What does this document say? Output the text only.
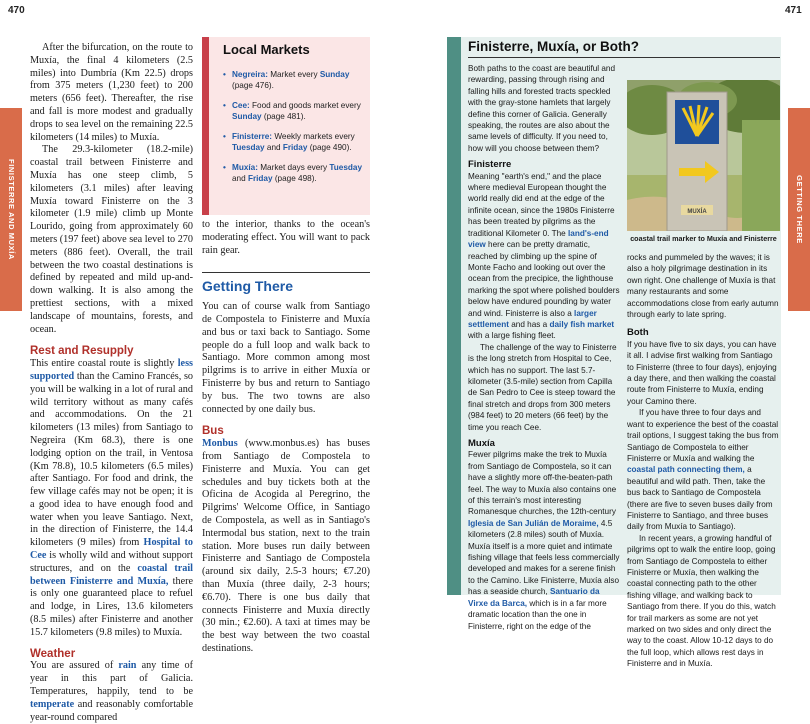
470
FINISTERRE AND MUXÍA

After the bifurcation, on the route to Muxía, the final 4 kilometers (2.5 miles) into Dumbría (Km 22.5) drops from 375 meters (1,230 feet) to 200 meters (656 feet). Thereafter, the rise and fall is more modest and gradually drops to sea level on the remaining 22.5 kilometers (14 miles) to Muxía.

The 29.3-kilometer (18.2-mile) coastal trail between Finisterre and Muxía has one steep climb, 5 kilometers (3.1 miles) after leaving Muxía toward Finisterre on the 3 kilometer (1.9 mile) climb up Monte Lourido, going from approximately 60 meters (197 feet) above sea level to 270 meters (886 feet). Overall, the trail between the two coastal destinations is defined by repeated and mild up-and-down walking. It is also among the prettiest sections, with a mixed landscape of mountains, forests, and ocean.

Rest and Resupply

This entire coastal route is slightly less supported than the Camino Francés, so you will be walking in a lot of rural and wild territory without as many cafés and accommodations. On the 21 kilometers (13 miles) from Santiago to Negreira (Km 68.3), there is one lodging option on the trail, in Ventosa (Km 78.8), 10.5 kilometers (6.5 miles) after Santiago. For food and drink, the few village cafés may not be open; it is a good idea to have enough food and water when you leave Santiago. Next, in the direction of Finisterre, the 14.4 kilometers (9 miles) from Hospital to Cee is wholly wild and without support structures, and on the coastal trail between Finisterre and Muxía, there is only one guaranteed place to refuel and lodge, in Lires, 13.6 kilometers (8.5 miles) after Finisterre and another 15.7 kilometers (9.8 miles) to Muxía.

Weather

You are assured of rain any time of year in this part of Galicia. Temperatures, happily, tend to be temperate and reasonably comfortable year-round compared

Local Markets
• Negreira: Market every Sunday (page 476).
• Cee: Food and goods market every Sunday (page 481).
• Finisterre: Weekly markets every Tuesday and Friday (page 490).
• Muxía: Market days every Tuesday and Friday (page 498).

to the interior, thanks to the ocean's moderating effect. You will want to pack rain gear.

Getting There

You can of course walk from Santiago de Compostela to Finisterre and Muxía and bus or taxi back to Santiago. Some people do a full loop and walk back to Santiago. More common among most pilgrims is to arrive in either Muxía or Finisterre by bus and return to Santiago by bus. The two towns are also connected by one daily bus.

Bus

Monbus (www.monbus.es) has buses from Santiago de Compostela to Finisterre and Muxía. You can get schedules and buy tickets both at the Oficina de Acogida al Peregrino, the Pilgrims' Welcome Office, in Santiago de Compostela, as well as in Santiago's Intermodal bus station, next to the train station. More buses run daily between Finisterre and Santiago de Compostela (around six daily, 2.5-3 hours; €7.20) than Muxía (three daily, 2-3 hours; €6.70). There is one bus daily that connects Finisterre and Muxía directly (30 min.; €2.60). A taxi at times may be the best way between the two coastal destinations.

471
GETTING THERE
Finisterre, Muxía, or Both?

Both paths to the coast are beautiful and rewarding, passing through rising and falling hills and forested tracts speckled with the gray-stone hamlets that largely define this corner of Galicia. Generally speaking, the routes are also about the same levels of difficulty. If you need to, how will you choose between them?

Finisterre

Meaning "earth's end," and the place where medieval European thought the world really did end at the edge of the infinite ocean, since the 1980s Finisterre has been treated by pilgrims as the traditional Kilometer 0. The land's-end view here can be pretty dramatic, reached by climbing up the spine of Monte Facho and looking out over the ocean from the precipice, the lighthouse marking the spot where polished boulders below have endured pounding by water and wind. Finisterre is also a larger settlement and has a daily fish market with a large fishing fleet.

The challenge of the way to Finisterre is the long stretch from Hospital to Cee, which has no support. The last 5.7-kilometer (3.5-mile) section from Capilla de San Pedro to Cee is steep toward the final stretch and drops from 300 meters (984 feet) to 20 meters (66 feet) by the time you reach Cee.

Muxía

Fewer pilgrims make the trek to Muxía from Santiago de Compostela, so it can have a slightly more off-the-beaten-path feel. The way to Muxía also contains one of this terrain's most interesting Romanesque churches, the 12th-century Iglesia de San Julián de Moraime, 4.5 kilometers (2.8 miles) south of Muxía. Muxía itself is a more quiet and intimate fishing village that feels less commercially developed and makes for a serene finish to the Camino. Like Finisterre, Muxía also has a seaside church, Santuario da Virxe da Barca, which is in a far more dramatic location than the one in Finisterre, right on the edge of the

MUXÍA
coastal trail marker to Muxía and Finisterre

rocks and pummeled by the waves; it is also a holy pilgrimage destination in its own right. One challenge of Muxía is that many restaurants and some accommodations close from early autumn through early to late spring.

Both

If you have five to six days, you can have it all. I advise first walking from Santiago to Finisterre (three to four days), enjoying a day there, and then walking the coastal route from Finisterre to Muxía, ending your Camino there.

If you have three to four days and want to experience the best of the coastal trail options, I suggest taking the bus from Santiago de Compostela to either Finisterre or Muxía and walking the coastal path connecting them, a beautiful and wild path. Then, take the bus back to Santiago de Compostela (there are five to seven buses daily from Finisterre to Santiago, and three buses daily from Muxía to Santiago).

In recent years, a growing handful of pilgrims opt to walk the entire loop, going from Santiago de Compostela to either Finisterre or Muxía, then walking the coastal connecting path to the other fishing village, and walking back to Santiago from there. If you do this, watch for trail markers as some are not yet marked on two sides and only direct the way to the coast. Allow 10-12 days to do the full loop, which allows rest days in Finisterre and in Muxía.
